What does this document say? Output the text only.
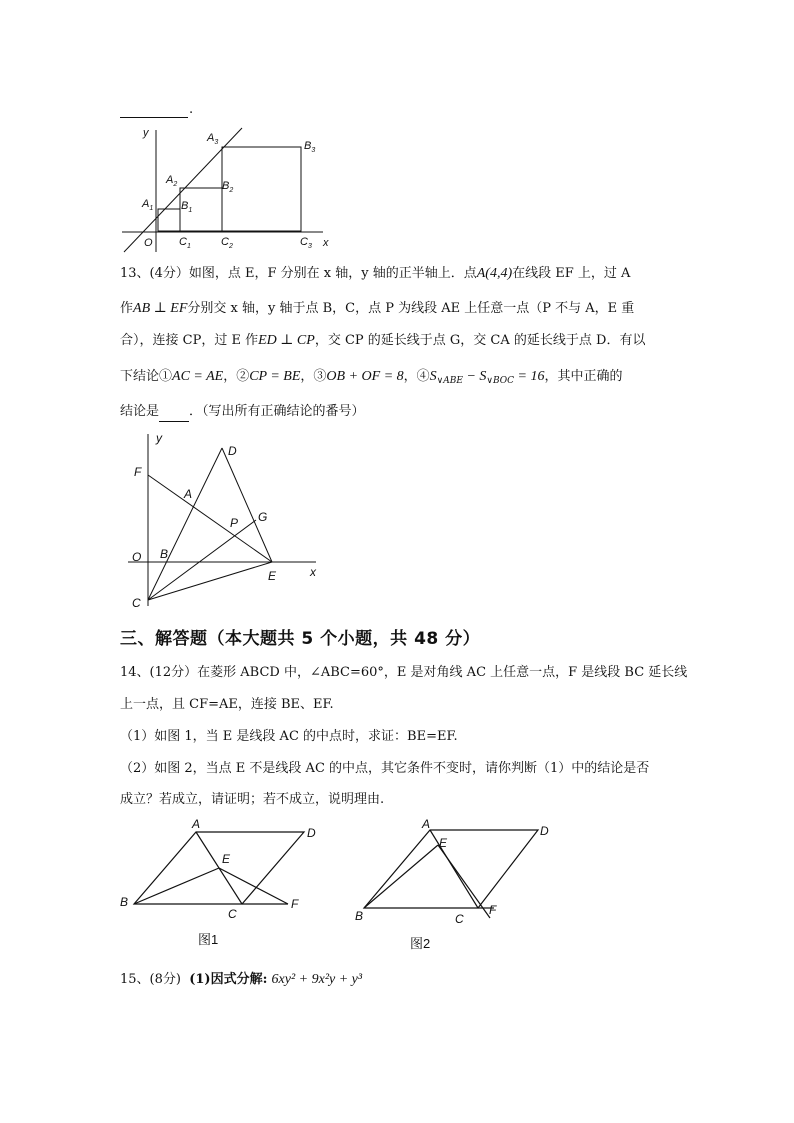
.
y
x
O
$A_1$
$A_2$
$A_3$
$B_1$
$B_2$
$B_3$
$C_1$	$C_2$	$C_3$
13、(4分）如图，点 E，F 分别在 x 轴，y 轴的正半轴上．点A(4,4)在线段 EF 上，过 A
作AB ⊥ EF分别交 x 轴，y 轴于点 B，C，点 P 为线段 AE 上任意一点（P 不与 A，E 重
合），连接 CP，过 E 作ED ⊥ CP，交 CP 的延长线于点 G，交 CA 的延长线于点 D．有以
下结论①AC = AE，②CP = BE，③OB + OF = 8，$④S_{\vee ABE} - S_{\vee BOC} = 16$，其中正确的
结论是 ．（写出所有正确结论的番号）
y
x
F
D
A
P G
O B
E
C
三、解答题（本大题共 5 个小题，共 48 分）
14、(12分）在菱形 ABCD 中，∠ABC=60°，E 是对角线 AC 上任意一点，F 是线段 BC 延长线
上一点，且 CF=AE，连接 BE、EF.
（1）如图 1，当 E 是线段 AC 的中点时，求证：BE=EF.
（2）如图 2，当点 E 不是线段 AC 的中点，其它条件不变时，请你判断（1）中的结论是否
成立？若成立，请证明；若不成立，说明理由.
A
D
E
B
C
F
图1
A	D
E
B	C
F
图2
15、(8分) (1)因式分解: 6xy² + 9x²y + y³
